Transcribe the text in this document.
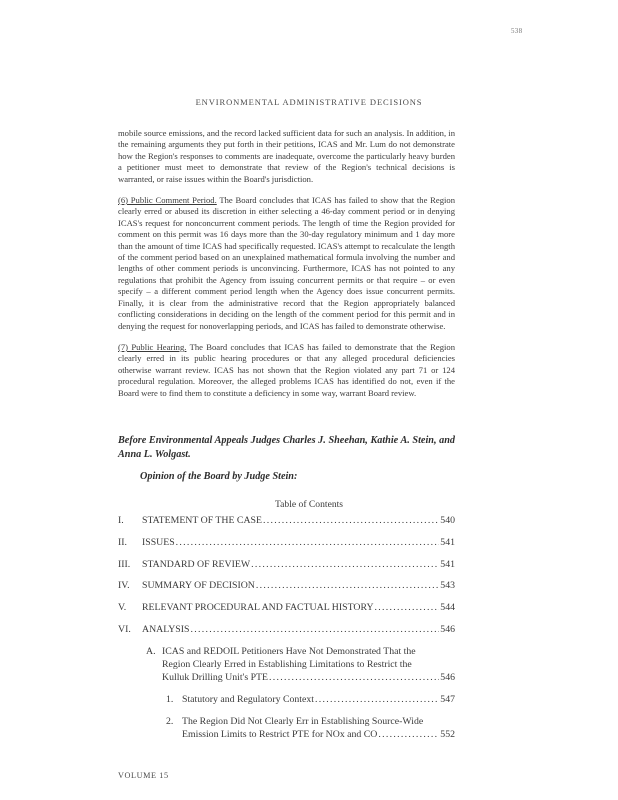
538
ENVIRONMENTAL ADMINISTRATIVE DECISIONS

mobile source emissions, and the record lacked sufficient data for such an analysis. In addition, in the remaining arguments they put forth in their petitions, ICAS and Mr. Lum do not demonstrate how the Region's responses to comments are inadequate, overcome the particularly heavy burden a petitioner must meet to demonstrate that review of the Region's technical decisions is warranted, or raise issues within the Board's jurisdiction.

(6) Public Comment Period. The Board concludes that ICAS has failed to show that the Region clearly erred or abused its discretion in either selecting a 46-day comment period or in denying ICAS's request for nonconcurrent comment periods. The length of time the Region provided for comment on this permit was 16 days more than the 30-day regulatory minimum and 1 day more than the amount of time ICAS had specifically requested. ICAS's attempt to recalculate the length of the comment period based on an unexplained mathematical formula involving the number and lengths of other comment periods is unconvincing. Furthermore, ICAS has not pointed to any regulations that prohibit the Agency from issuing concurrent permits or that require – or even specify – a different comment period length when the Agency does issue concurrent permits. Finally, it is clear from the administrative record that the Region appropriately balanced conflicting considerations in deciding on the length of the comment period for this permit and in denying the request for nonoverlapping periods, and ICAS has failed to demonstrate otherwise.

(7) Public Hearing. The Board concludes that ICAS has failed to demonstrate that the Region clearly erred in its public hearing procedures or that any alleged procedural deficiencies otherwise warrant review. ICAS has not shown that the Region violated any part 71 or 124 procedural regulation. Moreover, the alleged problems ICAS has identified do not, even if the Board were to find them to constitute a deficiency in some way, warrant Board review.

Before Environmental Appeals Judges Charles J. Sheehan, Kathie A. Stein, and Anna L. Wolgast.

Opinion of the Board by Judge Stein:

Table of Contents
I.	STATEMENT OF THE CASE .....	540
II.	ISSUES .....	541
III.	STANDARD OF REVIEW .....	541
IV.	SUMMARY OF DECISION .....	543
V.	RELEVANT PROCEDURAL AND FACTUAL HISTORY .....	544
VI.	ANALYSIS .....	546
A. ICAS and REDOIL Petitioners Have Not Demonstrated That the
Region Clearly Erred in Establishing Limitations to Restrict the
Kulluk Drilling Unit's PTE .....	546
1. Statutory and Regulatory Context .....	547
2. The Region Did Not Clearly Err in Establishing Source-Wide
Emission Limits to Restrict PTE for NOx and CO .....	552
VOLUME 15
